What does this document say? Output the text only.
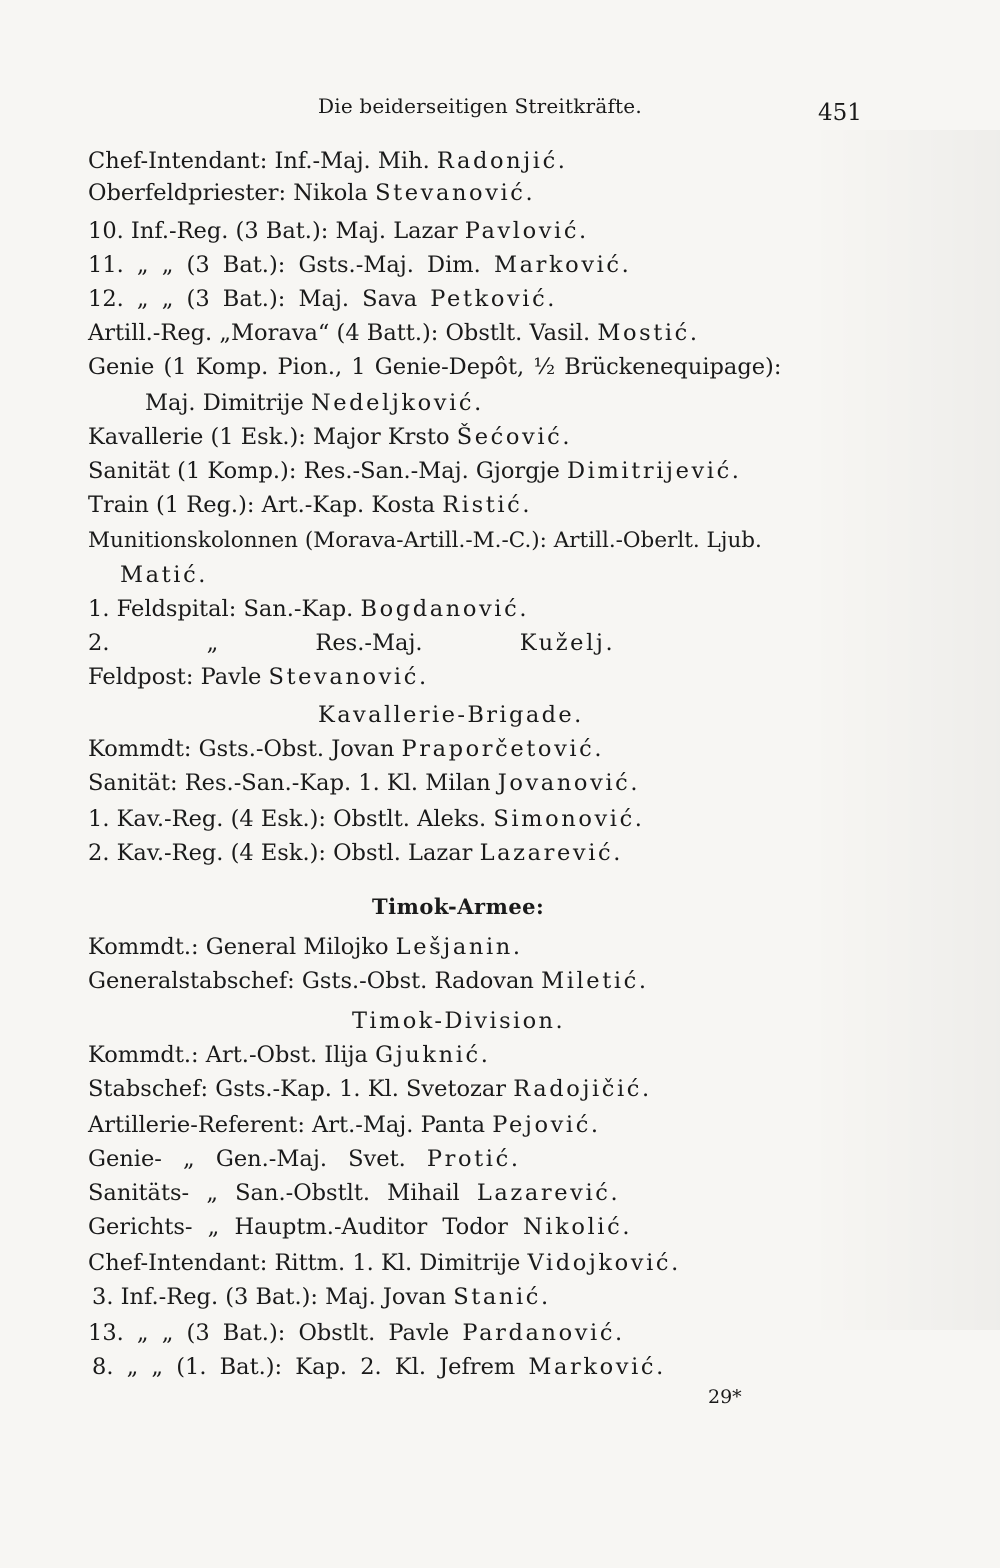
Die beiderseitigen Streitkräfte.	451
Chef-Intendant: Inf.-Maj. Mih. Radonjić.
Oberfeldpriester: Nikola Stevanović.
10. Inf.-Reg. (3 Bat.): Maj. Lazar Pavlović.
11. „ „ (3 Bat.): Gsts.-Maj. Dim. Marković.
12. „ „ (3 Bat.): Maj. Sava Petković.
Artill.-Reg. „Morava“ (4 Batt.): Obstlt. Vasil. Mostić.
Genie (1 Komp. Pion., 1 Genie-Depôt, ½ Brückenequipage):
Maj. Dimitrije Nedeljković.
Kavallerie (1 Esk.): Major Krsto Šećović.
Sanität (1 Komp.): Res.-San.-Maj. Gjorgje Dimitrijević.
Train (1 Reg.): Art.-Kap. Kosta Ristić.
Munitionskolonnen (Morava-Artill.-M.-C.): Artill.-Oberlt. Ljub.
Matić.
1. Feldspital: San.-Kap. Bogdanović.
2. „ Res.-Maj. Kuželj.
Feldpost: Pavle Stevanović.
Kavallerie-Brigade.
Kommdt: Gsts.-Obst. Jovan Praporčetović.
Sanität: Res.-San.-Kap. 1. Kl. Milan Jovanović.
1. Kav.-Reg. (4 Esk.): Obstlt. Aleks. Simonović.
2. Kav.-Reg. (4 Esk.): Obstl. Lazar Lazarević.
Timok-Armee:
Kommdt.: General Milojko Lešjanin.
Generalstabschef: Gsts.-Obst. Radovan Miletić.
Timok-Division.
Kommdt.: Art.-Obst. Ilija Gjuknić.
Stabschef: Gsts.-Kap. 1. Kl. Svetozar Radojičić.
Artillerie-Referent: Art.-Maj. Panta Pejović.
Genie- „ Gen.-Maj. Svet. Protić.
Sanitäts- „ San.-Obstlt. Mihail Lazarević.
Gerichts- „ Hauptm.-Auditor Todor Nikolić.
Chef-Intendant: Rittm. 1. Kl. Dimitrije Vidojković.
3. Inf.-Reg. (3 Bat.): Maj. Jovan Stanić.
13. „ „ (3 Bat.): Obstlt. Pavle Pardanović.
8. „ „ (1. Bat.): Kap. 2. Kl. Jefrem Marković.
29*
